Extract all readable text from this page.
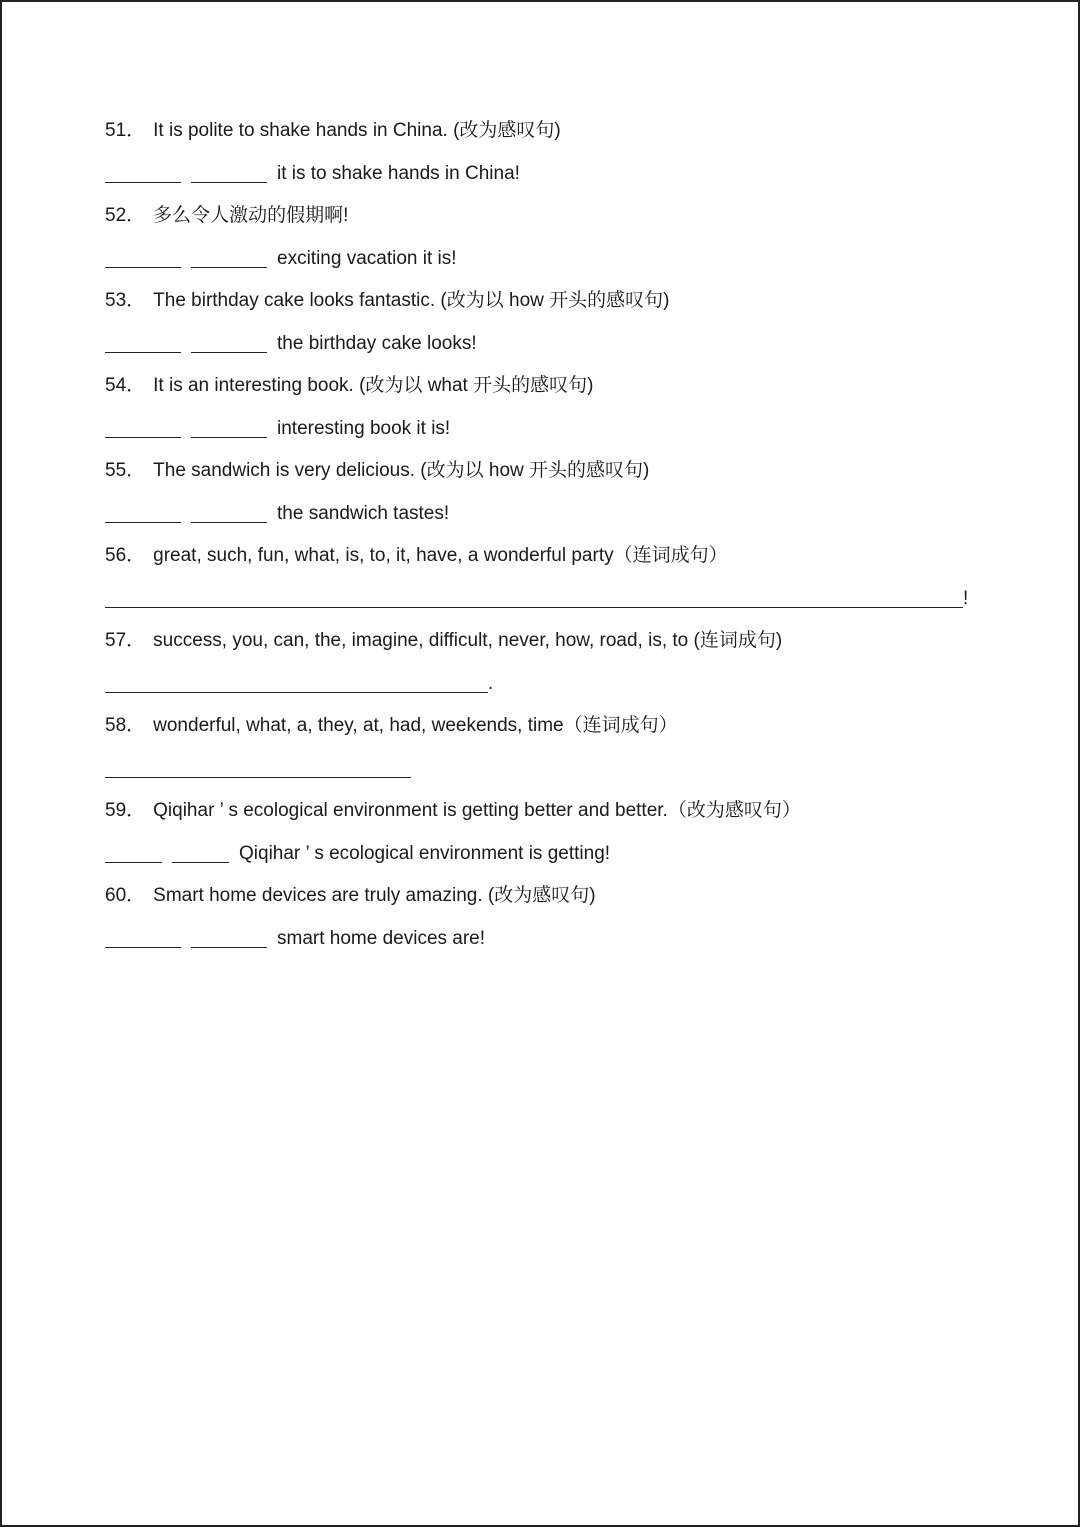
51． It is polite to shake hands in China. (改为感叹句)
it is to shake hands in China!
52． 多么令人激动的假期啊!
exciting vacation it is!
53． The birthday cake looks fantastic. (改为以 how 开头的感叹句)
the birthday cake looks!
54． It is an interesting book. (改为以 what 开头的感叹句)
interesting book it is!
55． The sandwich is very delicious. (改为以 how 开头的感叹句)
the sandwich tastes!
56． great, such, fun, what, is, to, it, have, a wonderful party（连词成句）
!
57． success, you, can, the, imagine, difficult, never, how, road, is, to (连词成句)
.
58． wonderful, what, a, they, at, had, weekends, time（连词成句）
59． Qiqihar ’ s ecological environment is getting better and better.（改为感叹句）
Qiqihar ’ s ecological environment is getting!
60． Smart home devices are truly amazing. (改为感叹句)
smart home devices are!
